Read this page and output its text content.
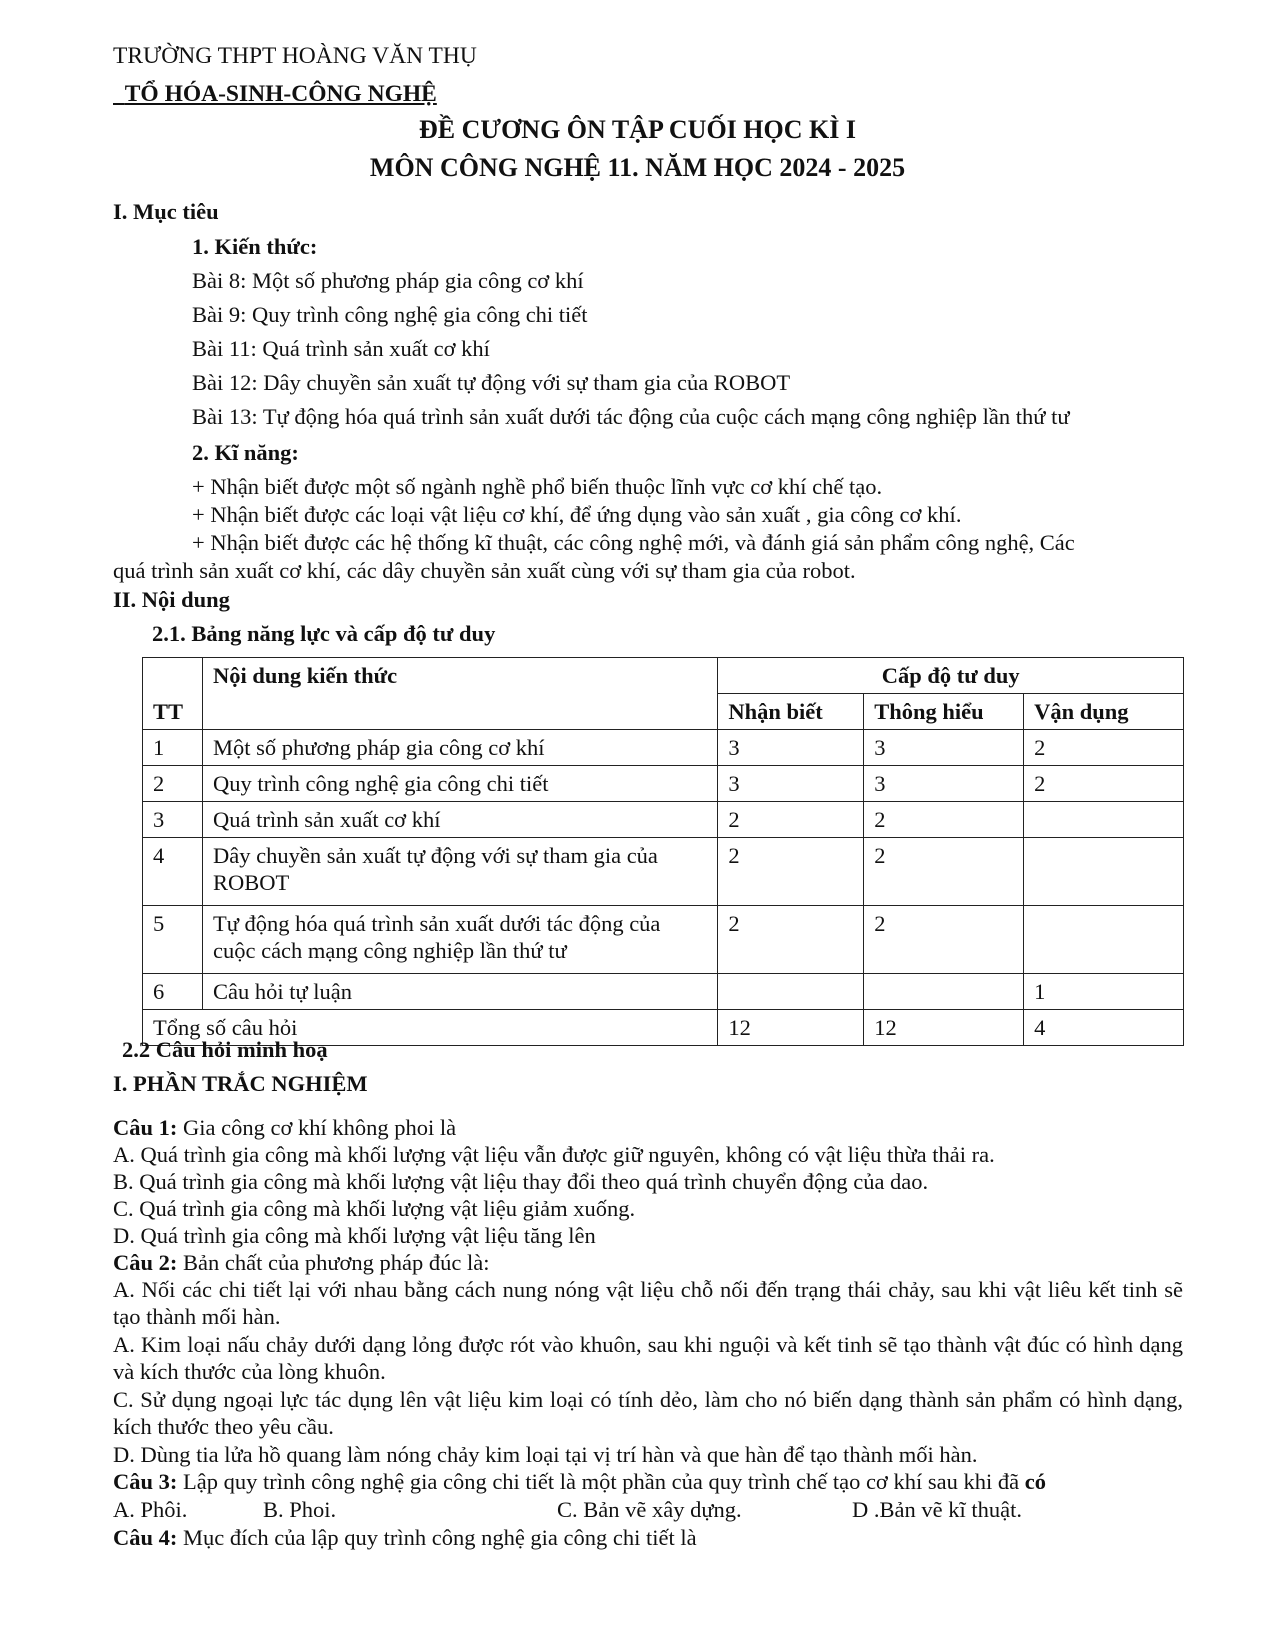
TRƯỜNG THPT HOÀNG VĂN THỤ
TỔ HÓA-SINH-CÔNG NGHỆ
ĐỀ CƯƠNG ÔN TẬP CUỐI HỌC KÌ I
MÔN CÔNG NGHỆ 11. NĂM HỌC 2024 - 2025
I. Mục tiêu
1. Kiến thức:
Bài 8: Một số phương pháp gia công cơ khí
Bài 9: Quy trình công nghệ gia công chi tiết
Bài 11: Quá trình sản xuất cơ khí
Bài 12: Dây chuyền sản xuất tự động với sự tham gia của ROBOT
Bài 13: Tự động hóa quá trình sản xuất dưới tác động của cuộc cách mạng công nghiệp lần thứ tư
2. Kĩ năng:
+ Nhận biết được một số ngành nghề phổ biến thuộc lĩnh vực cơ khí chế tạo.
+ Nhận biết được các loại vật liệu cơ khí, để ứng dụng vào sản xuất , gia công cơ khí.
+ Nhận biết được các hệ thống kĩ thuật, các công nghệ mới, và đánh giá sản phẩm công nghệ, Các
quá trình sản xuất cơ khí, các dây chuyền sản xuất cùng với sự tham gia của robot.
II. Nội dung
2.1. Bảng năng lực và cấp độ tư duy
TT	Nội dung kiến thức	Cấp độ tư duy		
		Nhận biết	Thông hiểu	Vận dụng
1	Một số phương pháp gia công cơ khí	3	3	2
2	Quy trình công nghệ gia công chi tiết	3	3	2
3	Quá trình sản xuất cơ khí	2	2	
4	Dây chuyền sản xuất tự động với sự tham gia của ROBOT	2	2	
5	Tự động hóa quá trình sản xuất dưới tác động của cuộc cách mạng công nghiệp lần thứ tư	2	2	
6	Câu hỏi tự luận			1
Tổng số câu hỏi		12	12	4
2.2 Câu hỏi minh hoạ
I. PHẦN TRẮC NGHIỆM
Câu 1: Gia công cơ khí không phoi là
A. Quá trình gia công mà khối lượng vật liệu vẫn được giữ nguyên, không có vật liệu thừa thải ra.
B. Quá trình gia công mà khối lượng vật liệu thay đổi theo quá trình chuyển động của dao.
C. Quá trình gia công mà khối lượng vật liệu giảm xuống.
D. Quá trình gia công mà khối lượng vật liệu tăng lên
Câu 2: Bản chất của phương pháp đúc là:
A. Nối các chi tiết lại với nhau bằng cách nung nóng vật liệu chỗ nối đến trạng thái chảy, sau khi vật liêu kết tinh sẽ tạo thành mối hàn.
A. Kim loại nấu chảy dưới dạng lỏng được rót vào khuôn, sau khi nguội và kết tinh sẽ tạo thành vật đúc có hình dạng và kích thước của lòng khuôn.
C. Sử dụng ngoại lực tác dụng lên vật liệu kim loại có tính dẻo, làm cho nó biến dạng thành sản phẩm có hình dạng, kích thước theo yêu cầu.
D. Dùng tia lửa hồ quang làm nóng chảy kim loại tại vị trí hàn và que hàn để tạo thành mối hàn.
Câu 3: Lập quy trình công nghệ gia công chi tiết là một phần của quy trình chế tạo cơ khí sau khi đã có
A. Phôi.	B. Phoi.	C. Bản vẽ xây dựng.	D .Bản vẽ kĩ thuật.
Câu 4: Mục đích của lập quy trình công nghệ gia công chi tiết là
